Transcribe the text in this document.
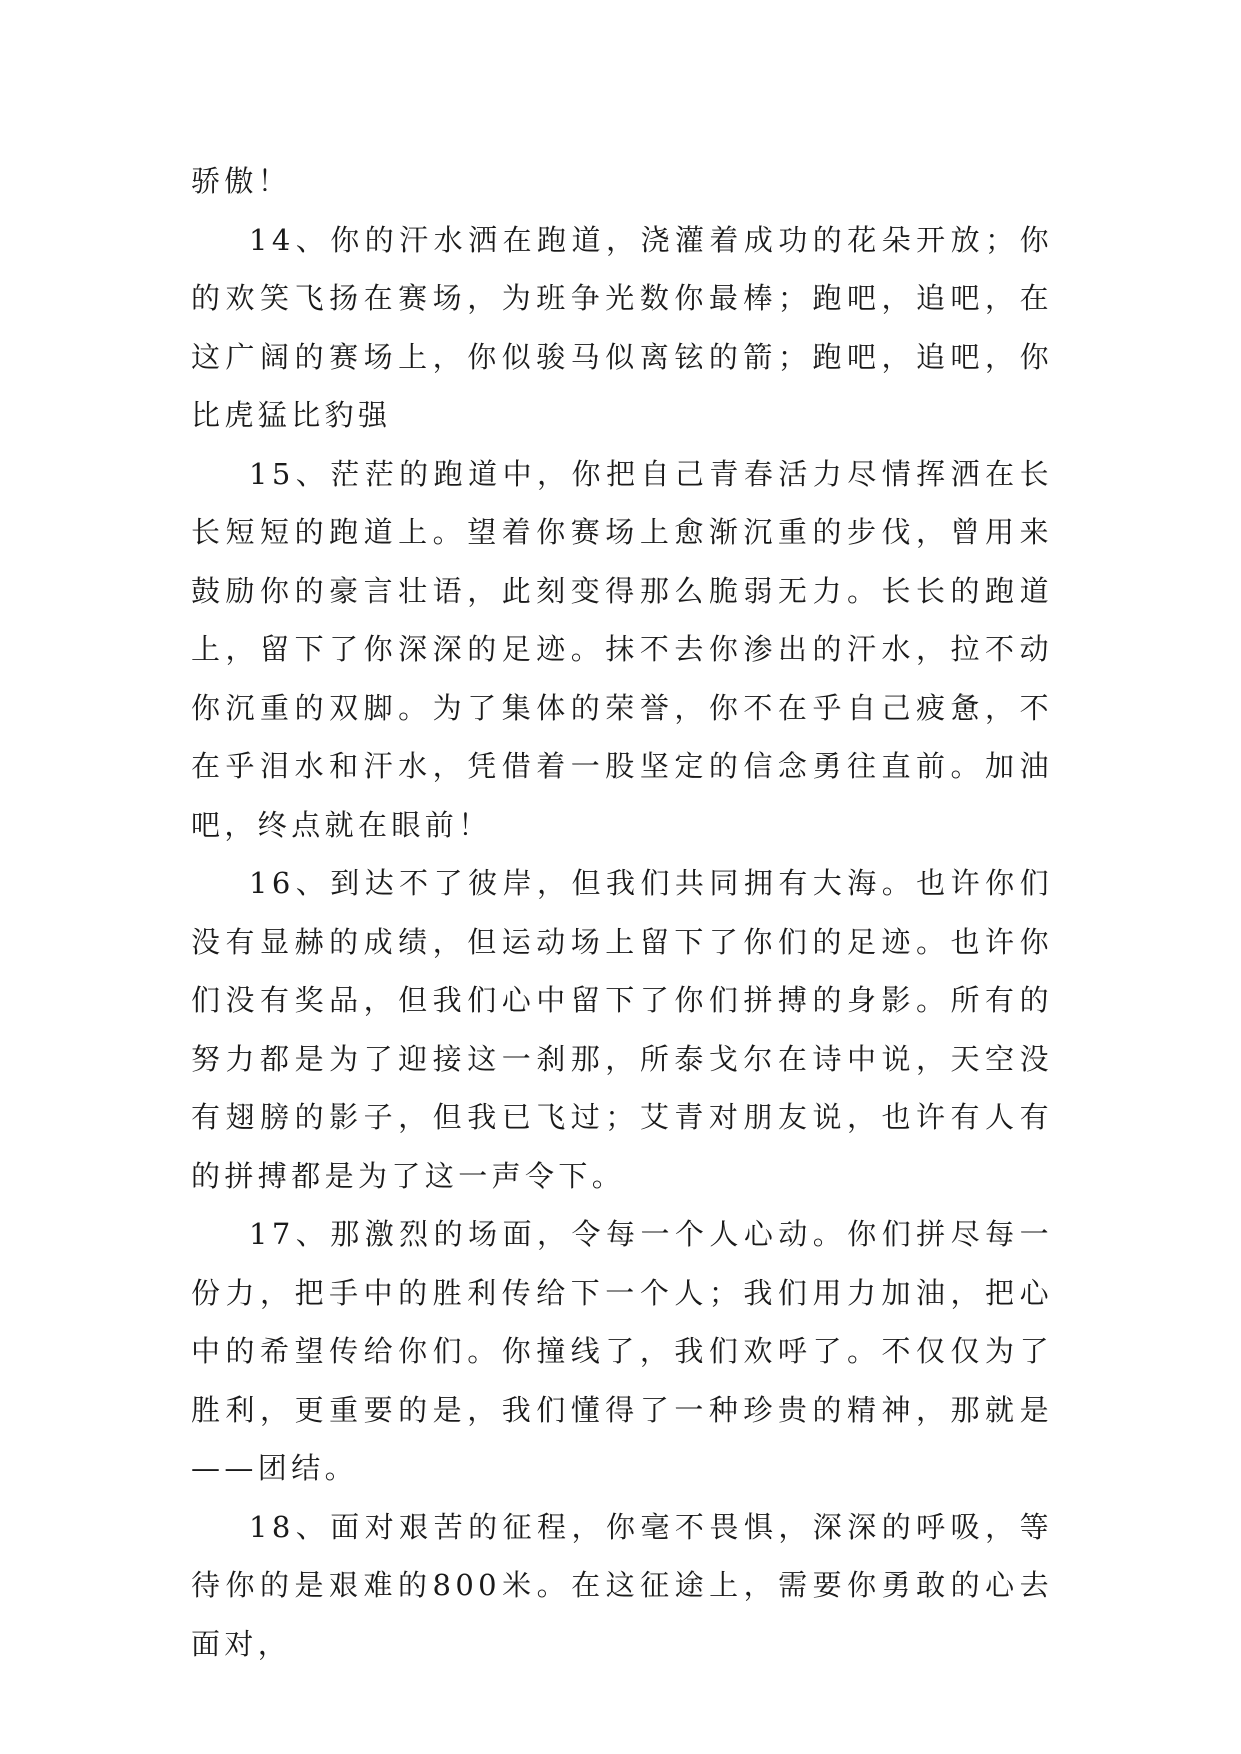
骄傲！

14、你的汗水洒在跑道，浇灌着成功的花朵开放；你的欢笑飞扬在赛场，为班争光数你最棒；跑吧，追吧，在这广阔的赛场上，你似骏马似离铉的箭；跑吧，追吧，你比虎猛比豹强

15、茫茫的跑道中，你把自己青春活力尽情挥洒在长长短短的跑道上。望着你赛场上愈渐沉重的步伐，曾用来鼓励你的豪言壮语，此刻变得那么脆弱无力。长长的跑道上，留下了你深深的足迹。抹不去你渗出的汗水，拉不动你沉重的双脚。为了集体的荣誉，你不在乎自己疲惫，不在乎泪水和汗水，凭借着一股坚定的信念勇往直前。加油吧，终点就在眼前！

16、到达不了彼岸，但我们共同拥有大海。也许你们没有显赫的成绩，但运动场上留下了你们的足迹。也许你们没有奖品，但我们心中留下了你们拼搏的身影。所有的努力都是为了迎接这一刹那，所泰戈尔在诗中说，天空没有翅膀的影子，但我已飞过；艾青对朋友说，也许有人有的拼搏都是为了这一声令下。

17、那激烈的场面，令每一个人心动。你们拼尽每一份力，把手中的胜利传给下一个人；我们用力加油，把心中的希望传给你们。你撞线了，我们欢呼了。不仅仅为了胜利，更重要的是，我们懂得了一种珍贵的精神，那就是——团结。

18、面对艰苦的征程，你毫不畏惧，深深的呼吸，等待你的是艰难的800米。在这征途上，需要你勇敢的心去面对，
